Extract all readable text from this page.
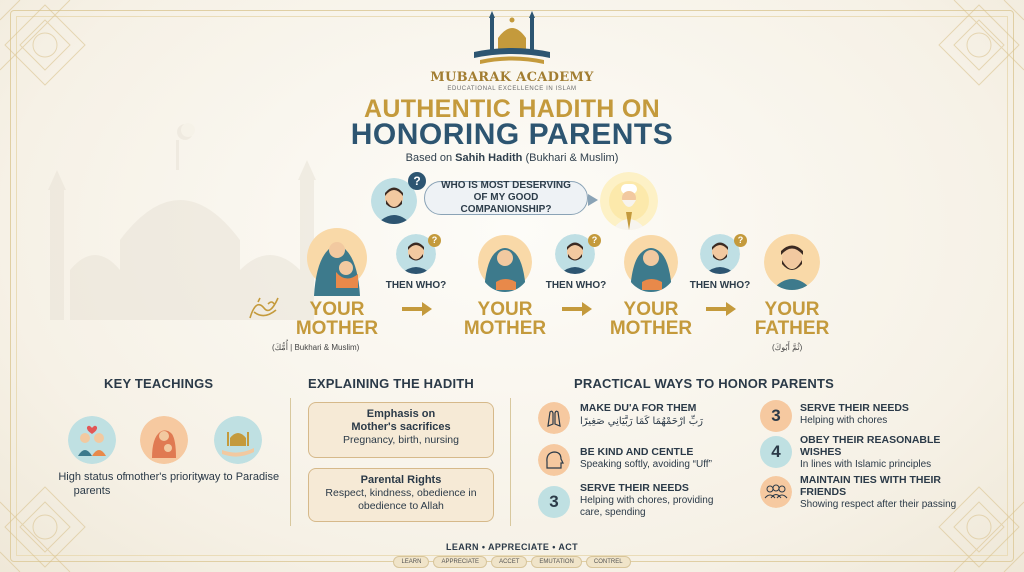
MUBARAK ACADEMY
EDUCATIONAL EXCELLENCE IN ISLAM
AUTHENTIC HADITH ON
HONORING PARENTS
Based on Sahih Hadith (Bukhari & Muslim)
?	WHO IS MOST DESERVING OF MY GOOD COMPANIONSHIP?
?	?	?
THEN WHO?	THEN WHO?	THEN WHO?
YOUR
MOTHER
YOUR
MOTHER
YOUR
MOTHER
YOUR
FATHER
(أُمُّكَ | Bukhari & Muslim)	(ثُمَّ أَبُوكَ)
KEY TEACHINGS	EXPLAINING THE HADITH	PRACTICAL WAYS TO HONOR PARENTS
High status of parents
mother's priority
way to Paradise
Emphasis on Mother's sacrifices
Pregnancy, birth, nursing
Parental Rights
Respect, kindness, obedience in obedience to Allah
MAKE DU'A FOR THEM
رَبِّ ارْحَمْهُمَا كَمَا رَبَّيَانِي صَغِيرًا
BE KIND AND CENTLE
Speaking softly, avoiding “Uff”
3
SERVE THEIR NEEDS
Helping with chores, providing care, spending
3	SERVE THEIR NEEDS
Helping with chores
4
OBEY THEIR REASONABLE WISHES
In lines with Islamic principles
MAINTAIN TIES WITH THEIR FRIENDS
Showing respect after their passing
LEARN • APPRECIATE • ACT
LEARN	APPRECIATE	ACCET	EMUTATION	CONTREL
